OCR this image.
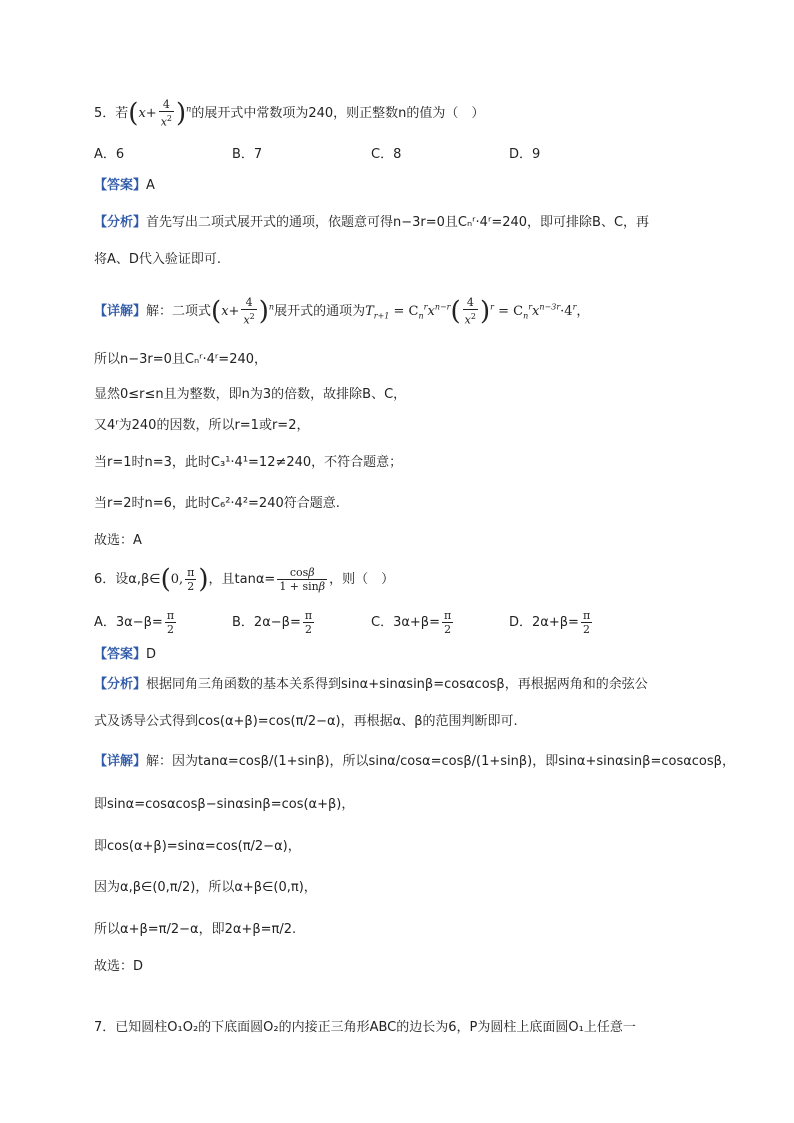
5．若$(x+ \frac{4}{x^2} )^n$的展开式中常数项为240，则正整数n的值为（　）
A．6	B．7	C．8	D．9
【答案】A
【分析】首先写出二项式展开式的通项，依题意可得n−3r=0且Cₙʳ·4ʳ=240，即可排除B、C，再
将A、D代入验证即可.
【详解】解：二项式$(x+ \frac{4}{x^2} )^n$展开式的通项为$T_{r+1} = C_n^rx^{n-r}( \frac{4}{x^2} )^r = C_n^rx^{n-3r}\cdot 4^r$，
所以n−3r=0且Cₙʳ·4ʳ=240，
显然0≤r≤n且为整数，即n为3的倍数，故排除B、C，
又4ʳ为240的因数，所以r=1或r=2，
当r=1时n=3，此时C₃¹·4¹=12≠240，不符合题意；
当r=2时n=6，此时C₆²·4²=240符合题意.
故选：A
6．设α,β∈(0, $\frac{\pi}{2}$ )，且$\tan\alpha= \frac{\cos\beta}{1 + \sin\beta}$ ，则（　）
A．$3\alpha-\beta= \frac{\pi}{2}$	B．$2\alpha-\beta= \frac{\pi}{2}$	C．$3\alpha+\beta= \frac{\pi}{2}$	D．$2\alpha+\beta= \frac{\pi}{2}$
【答案】D
【分析】根据同角三角函数的基本关系得到sinα+sinαsinβ=cosαcosβ，再根据两角和的余弦公
式及诱导公式得到cos(α+β)=cos(π/2−α)，再根据α、β的范围判断即可.
【详解】解：因为tanα=cosβ/(1+sinβ)，所以sinα/cosα=cosβ/(1+sinβ)，即sinα+sinαsinβ=cosαcosβ，
即sinα=cosαcosβ−sinαsinβ=cos(α+β)，
即cos(α+β)=sinα=cos(π/2−α)，
因为α,β∈(0,π/2)，所以α+β∈(0,π)，
所以α+β=π/2−α，即2α+β=π/2.
故选：D
7．已知圆柱O₁O₂的下底面圆O₂的内接正三角形ABC的边长为6，P为圆柱上底面圆O₁上任意一
